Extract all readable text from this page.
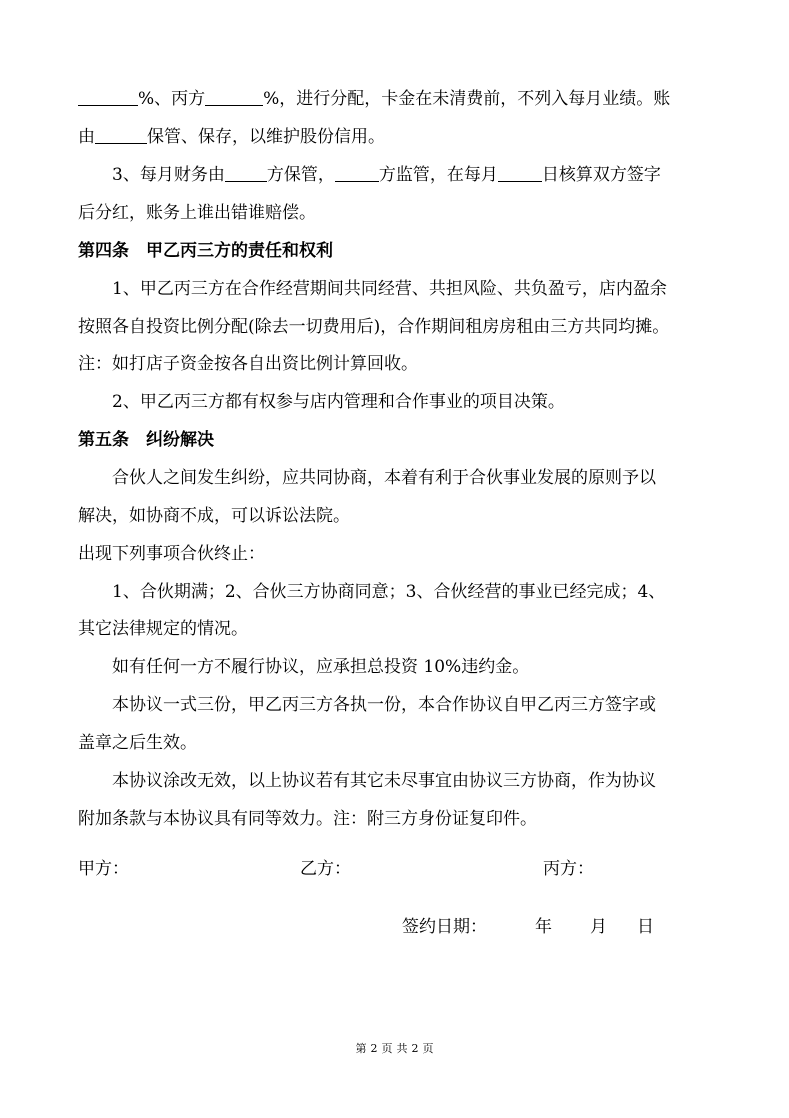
%、丙方	%，进行分配，卡金在未清费前，不列入每月业绩。账
由	保管、保存，以维护股份信用。
3、每月财务由 方保管，	方监管，在每月	日核算双方签字
后分红，账务上谁出错谁赔偿。
第四条　甲乙丙三方的责任和权利
1、甲乙丙三方在合作经营期间共同经营、共担风险、共负盈亏，店内盈余
按照各自投资比例分配(除去一切费用后)，合作期间租房房租由三方共同均摊。
注：如打店子资金按各自出资比例计算回收。
2、甲乙丙三方都有权参与店内管理和合作事业的项目决策。
第五条　纠纷解决
合伙人之间发生纠纷，应共同协商，本着有利于合伙事业发展的原则予以
解决，如协商不成，可以诉讼法院。
出现下列事项合伙终止：
1、合伙期满；2、合伙三方协商同意；3、合伙经营的事业已经完成；4、
其它法律规定的情况。
如有任何一方不履行协议，应承担总投资 10%违约金。
本协议一式三份，甲乙丙三方各执一份，本合作协议自甲乙丙三方签字或
盖章之后生效。
本协议涂改无效，以上协议若有其它未尽事宜由协议三方协商，作为协议
附加条款与本协议具有同等效力。注：附三方身份证复印件。
甲方：	乙方：	丙方：
签约日期：	年 月 日
第 2 页 共 2 页
